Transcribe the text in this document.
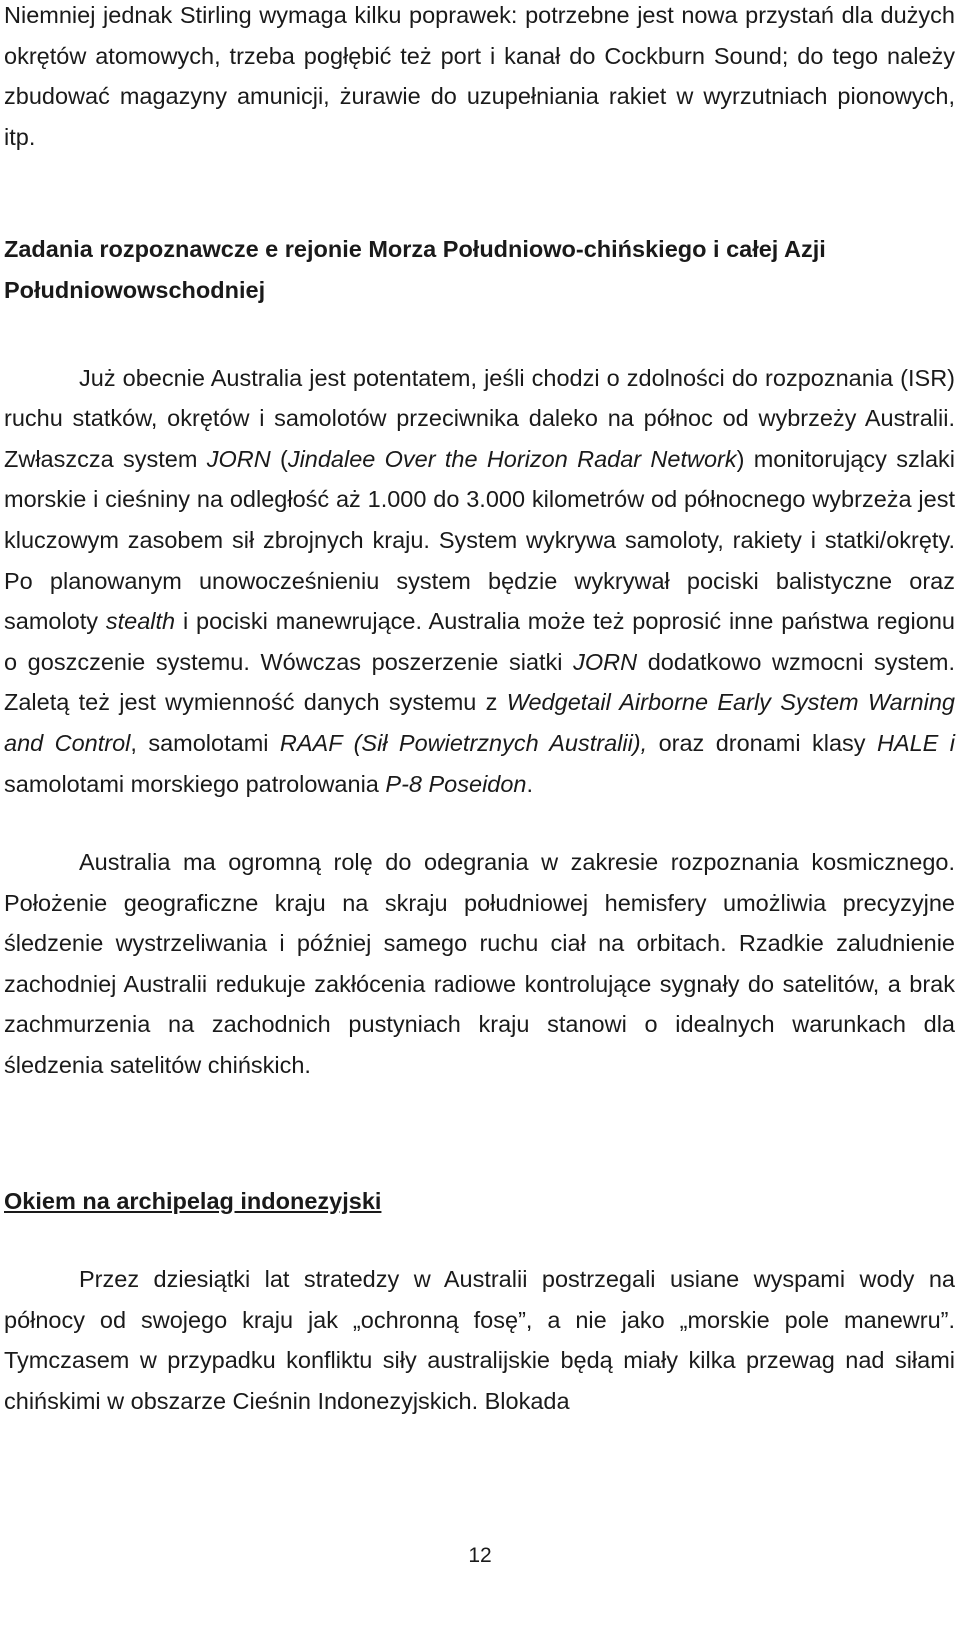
Niemniej jednak Stirling wymaga kilku poprawek: potrzebne jest nowa przystań dla dużych okrętów atomowych, trzeba pogłębić też port i kanał do Cockburn Sound; do tego należy zbudować magazyny amunicji, żurawie do uzupełniania rakiet w wyrzutniach pionowych, itp.

Zadania rozpoznawcze e rejonie Morza Południowo-chińskiego i całej Azji Południowowschodniej

Już obecnie Australia jest potentatem, jeśli chodzi o zdolności do rozpoznania (ISR) ruchu statków, okrętów i samolotów przeciwnika daleko na północ od wybrzeży Australii. Zwłaszcza system JORN (Jindalee Over the Horizon Radar Network) monitorujący szlaki morskie i cieśniny na odległość aż 1.000 do 3.000 kilometrów od północnego wybrzeża jest kluczowym zasobem sił zbrojnych kraju. System wykrywa samoloty, rakiety i statki/okręty. Po planowanym unowocześnieniu system będzie wykrywał pociski balistyczne oraz samoloty stealth i pociski manewrujące. Australia może też poprosić inne państwa regionu o goszczenie systemu. Wówczas poszerzenie siatki JORN dodatkowo wzmocni system. Zaletą też jest wymienność danych systemu z Wedgetail Airborne Early System Warning and Control, samolotami RAAF (Sił Powietrznych Australii), oraz dronami klasy HALE i samolotami morskiego patrolowania P-8 Poseidon.

Australia ma ogromną rolę do odegrania w zakresie rozpoznania kosmicznego. Położenie geograficzne kraju na skraju południowej hemisfery umożliwia precyzyjne śledzenie wystrzeliwania i później samego ruchu ciał na orbitach. Rzadkie zaludnienie zachodniej Australii redukuje zakłócenia radiowe kontrolujące sygnały do satelitów, a brak zachmurzenia na zachodnich pustyniach kraju stanowi o idealnych warunkach dla śledzenia satelitów chińskich.

Okiem na archipelag indonezyjski

Przez dziesiątki lat stratedzy w Australii postrzegali usiane wyspami wody na północy od swojego kraju jak „ochronną fosę”, a nie jako „morskie pole manewru”. Tymczasem w przypadku konfliktu siły australijskie będą miały kilka przewag nad siłami chińskimi w obszarze Cieśnin Indonezyjskich. Blokada

12
